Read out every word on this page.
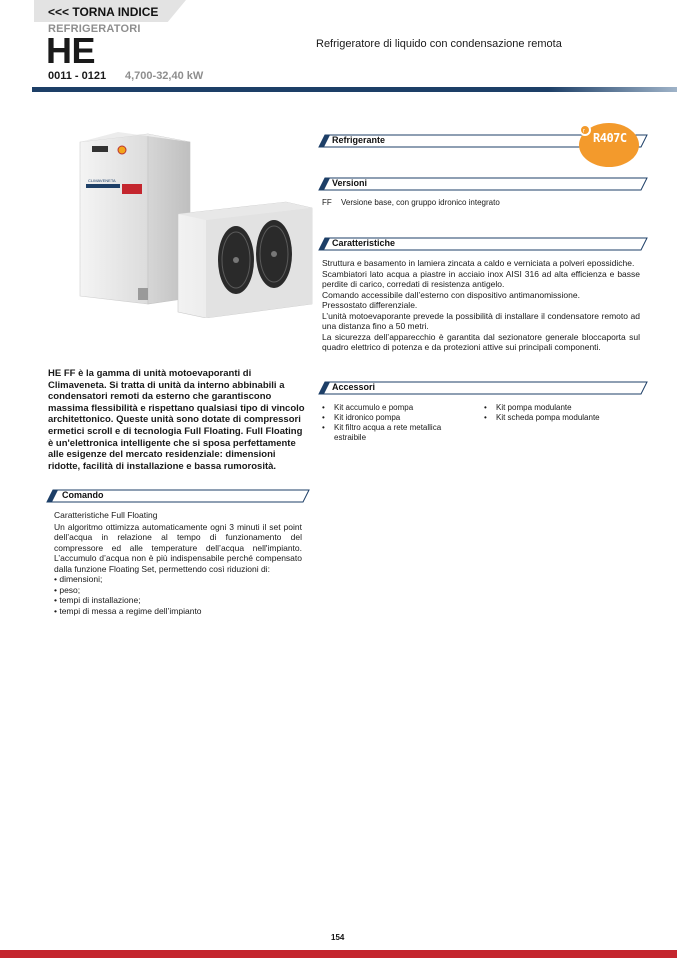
<<< TORNA INDICE
REFRIGERATORI
HE
0011 - 0121 4,700-32,40 kW
Refrigeratore di liquido con condensazione remota
CLIMAVENETA
Refrigerante
r R407C
Versioni
FF Versione base, con gruppo idronico integrato
Caratteristiche

Struttura e basamento in lamiera zincata a caldo e verniciata a polveri epossidiche.

Scambiatori lato acqua a piastre in acciaio inox AISI 316 ad alta efficienza e basse perdite di carico, corredati di resistenza antigelo.

Comando accessibile dall’esterno con dispositivo antimanomissione.

Pressostato differenziale.

L’unità motoevaporante prevede la possibilità di installare il condensatore remoto ad una distanza fino a 50 metri.

La sicurezza dell’apparecchio è garantita dal sezionatore generale bloccaporta sul quadro elettrico di potenza e da protezioni attive sui principali componenti.

Accessori
• Kit accumulo e pompa
• Kit idronico pompa
• Kit filtro acqua a rete metallica estraibile
• Kit pompa modulante
• Kit scheda pompa modulante

HE FF è la gamma di unità motoevaporanti di Climaveneta. Si tratta di unità da interno abbinabili a condensatori remoti da esterno che garantiscono massima flessibilità e rispettano qualsiasi tipo di vincolo architettonico. Queste unità sono dotate di compressori ermetici scroll e di tecnologia Full Floating. Full Floating è un'elettronica intelligente che si sposa perfettamente alle esigenze del mercato residenziale: dimensioni ridotte, facilità di installazione e bassa rumorosità.

Comando
Caratteristiche Full Floating
Un algoritmo ottimizza automaticamente ogni 3 minuti il set point dell’acqua in relazione al tempo di funzionamento del compressore ed alle temperature dell’acqua nell'impianto. L’accumulo d’acqua non è più indispensabile perché compensato dalla funzione Floating Set, permettendo così riduzioni di:
• dimensioni;
• peso;
• tempi di installazione;
• tempi di messa a regime dell’impianto
154
